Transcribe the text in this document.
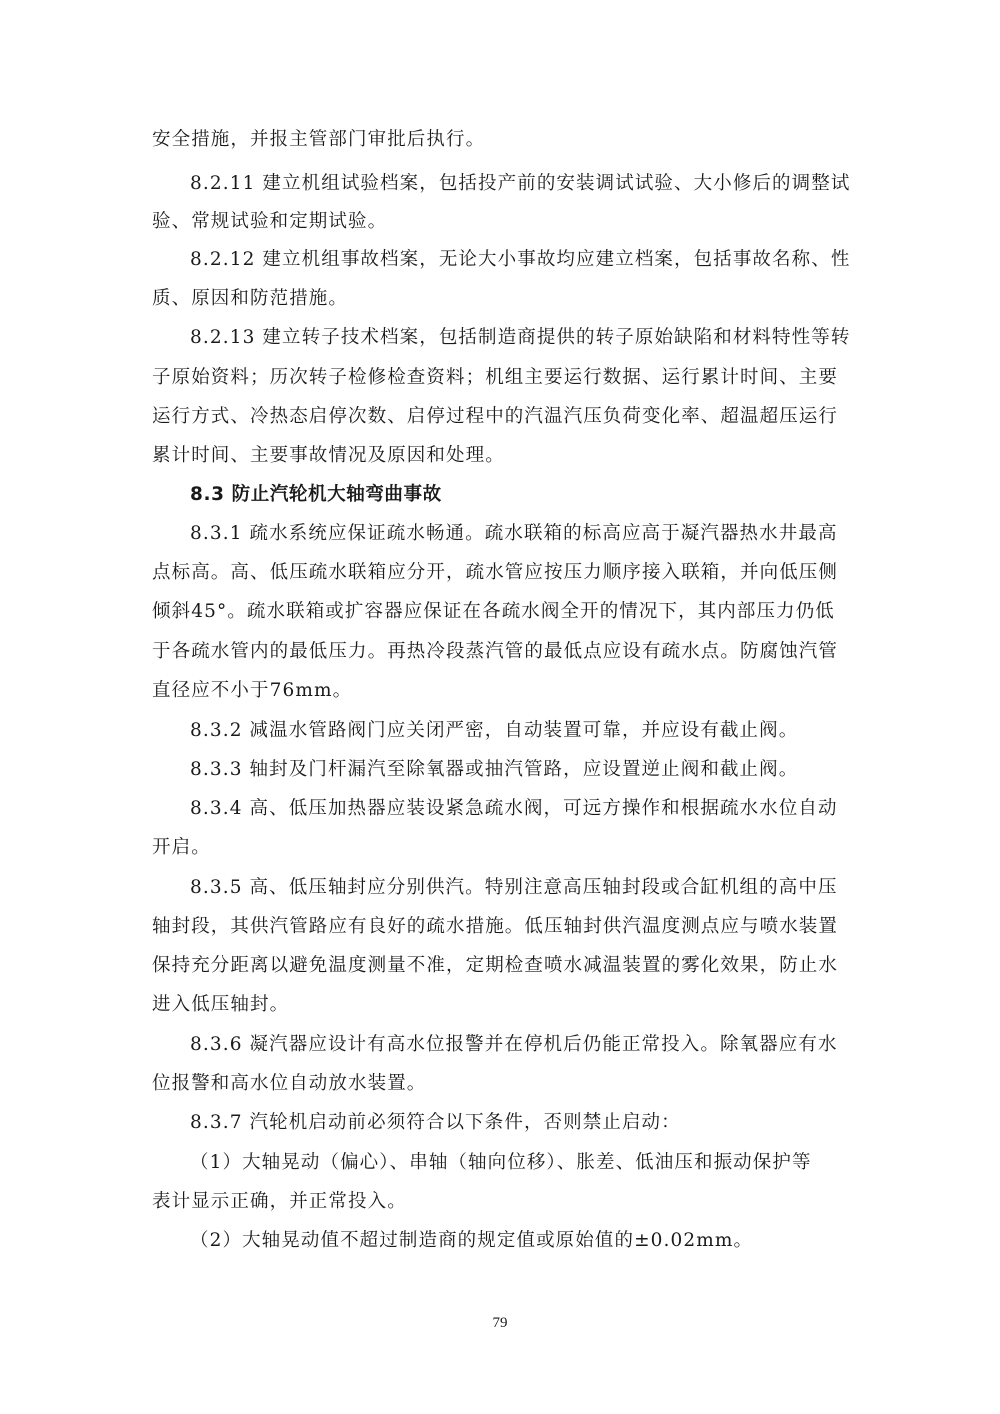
安全措施，并报主管部门审批后执行。
8.2.11 建立机组试验档案，包括投产前的安装调试试验、大小修后的调整试
验、常规试验和定期试验。
8.2.12 建立机组事故档案，无论大小事故均应建立档案，包括事故名称、性
质、原因和防范措施。
8.2.13 建立转子技术档案，包括制造商提供的转子原始缺陷和材料特性等转
子原始资料；历次转子检修检查资料；机组主要运行数据、运行累计时间、主要
运行方式、冷热态启停次数、启停过程中的汽温汽压负荷变化率、超温超压运行
累计时间、主要事故情况及原因和处理。
8.3 防止汽轮机大轴弯曲事故
8.3.1 疏水系统应保证疏水畅通。疏水联箱的标高应高于凝汽器热水井最高
点标高。高、低压疏水联箱应分开，疏水管应按压力顺序接入联箱，并向低压侧
倾斜45°。疏水联箱或扩容器应保证在各疏水阀全开的情况下，其内部压力仍低
于各疏水管内的最低压力。再热冷段蒸汽管的最低点应设有疏水点。防腐蚀汽管
直径应不小于76mm。
8.3.2 减温水管路阀门应关闭严密，自动装置可靠，并应设有截止阀。
8.3.3 轴封及门杆漏汽至除氧器或抽汽管路，应设置逆止阀和截止阀。
8.3.4 高、低压加热器应装设紧急疏水阀，可远方操作和根据疏水水位自动
开启。
8.3.5 高、低压轴封应分别供汽。特别注意高压轴封段或合缸机组的高中压
轴封段，其供汽管路应有良好的疏水措施。低压轴封供汽温度测点应与喷水装置
保持充分距离以避免温度测量不准，定期检查喷水减温装置的雾化效果，防止水
进入低压轴封。
8.3.6 凝汽器应设计有高水位报警并在停机后仍能正常投入。除氧器应有水
位报警和高水位自动放水装置。
8.3.7 汽轮机启动前必须符合以下条件，否则禁止启动：
（1）大轴晃动（偏心）、串轴（轴向位移）、胀差、低油压和振动保护等
表计显示正确，并正常投入。
（2）大轴晃动值不超过制造商的规定值或原始值的±0.02mm。
79
